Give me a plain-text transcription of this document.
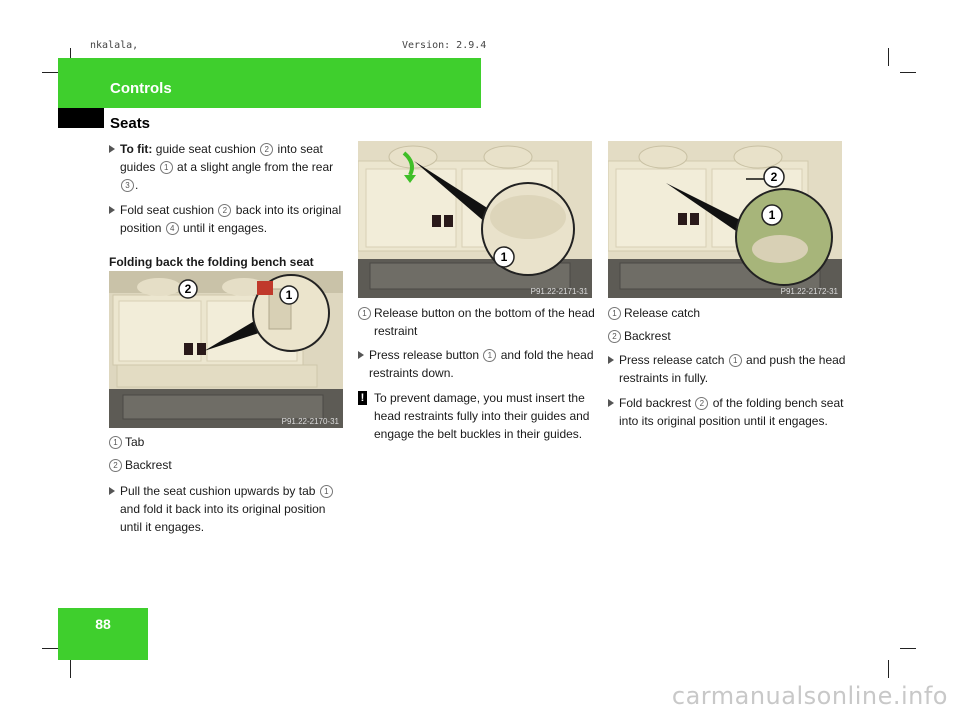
nkalala,	Version: 2.9.4
Controls
Seats
To fit: guide seat cushion 2 into seat guides 1 at a slight angle from the rear 3 .
Fold seat cushion 2 back into its original position 4 until it engages.
Folding back the folding bench seat
2	1
P91.22-2170-31
1 Tab
2 Backrest
Pull the seat cushion upwards by tab 1 and fold it back into its original position until it engages.
1
P91.22-2171-31
1 Release button on the bottom of the head restraint
Press release button 1 and fold the head restraints down.
! To prevent damage, you must insert the head restraints fully into their guides and engage the belt buckles in their guides.
2
1
P91.22-2172-31
1 Release catch
2 Backrest
Press release catch 1 and push the head restraints in fully.
Fold backrest 2 of the folding bench seat into its original position until it engages.
88
carmanualsonline.info
